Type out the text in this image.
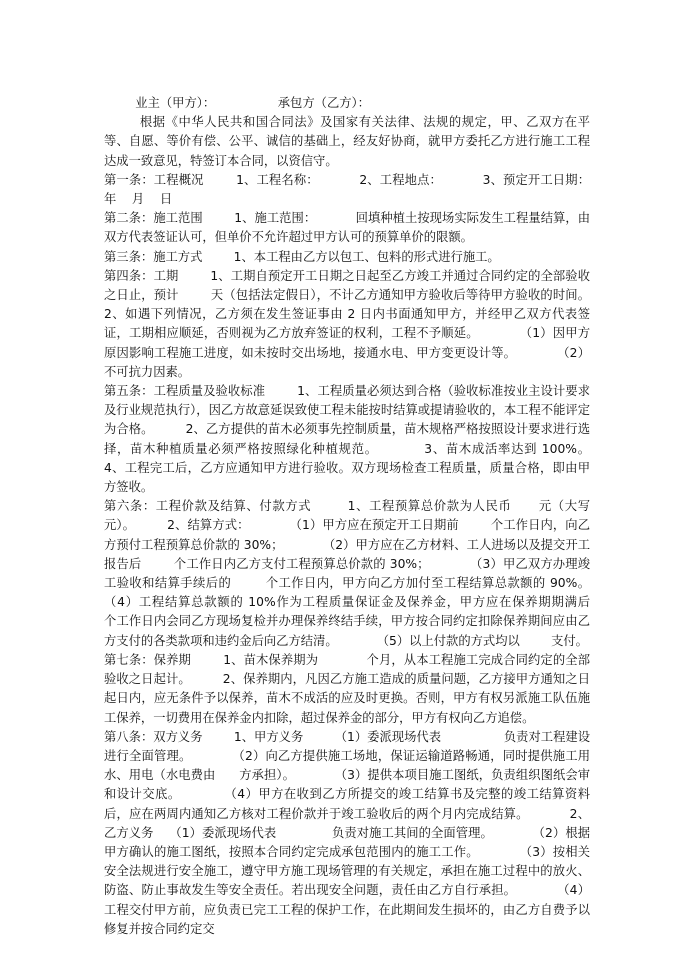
业主（甲方）：                承包方（乙方）：

根据《中华人民共和国合同法》及国家有关法律、法规的规定，甲、乙双方在平等、自愿、等价有偿、公平、诚信的基础上，经友好协商，就甲方委托乙方进行施工工程达成一致意见，特签订本合同，以资信守。

第一条：工程概况        1、工程名称：          2、工程地点：          3、预定开工日期：     年    月    日

第二条：施工范围        1、施工范围：          回填种植土按现场实际发生工程量结算，由双方代表签证认可，但单价不允许超过甲方认可的预算单价的限额。

第三条：施工方式        1、本工程由乙方以包工、包料的形式进行施工。

第四条：工期        1、工期自预定开工日期之日起至乙方竣工并通过合同约定的全部验收之日止，预计        天（包括法定假日），不计乙方通知甲方验收后等待甲方验收的时间。        2、如遇下列情况，乙方须在发生签证事由 2 日内书面通知甲方，并经甲乙双方代表签证，工期相应顺延，否则视为乙方放弃签证的权利，工程不予顺延。          （1）因甲方原因影响工程施工进度，如未按时交出场地，接通水电、甲方变更设计等。          （2）不可抗力因素。

第五条：工程质量及验收标准        1、工程质量必须达到合格（验收标准按业主设计要求及行业规范执行），因乙方故意延误致使工程未能按时结算或提请验收的，本工程不能评定为合格。        2、乙方提供的苗木必须事先控制质量，苗木规格严格按照设计要求进行选择，苗木种植质量必须严格按照绿化种植规范。          3、苗木成活率达到 100%。        4、工程完工后，乙方应通知甲方进行验收。双方现场检查工程质量，质量合格，即由甲方签收。

第六条：工程价款及结算、付款方式        1、工程预算总价款为人民币      元（大写        元）。        2、结算方式：          （1）甲方应在预定开工日期前        个工作日内，向乙方预付工程预算总价款的 30%；          （2）甲方应在乙方材料、工人进场以及提交开工报告后        个工作日内乙方支付工程预算总价款的 30%；          （3）甲乙双方办理竣工验收和结算手续后的        个工作日内，甲方向乙方加付至工程结算总款额的 90%。    （4）工程结算总款额的 10%作为工程质量保证金及保养金，甲方应在保养期期满后        个工作日内会同乙方现场复检并办理保养终结手续，甲方按合同约定扣除保养期间应由乙方支付的各类款项和违约金后向乙方结清。          （5）以上付款的方式均以        支付。

第七条：保养期        1、苗木保养期为            个月，从本工程施工完成合同约定的全部验收之日起计。        2、保养期内，凡因乙方施工造成的质量问题，乙方接甲方通知之日起日内，应无条件予以保养，苗木不成活的应及时更换。否则，甲方有权另派施工队伍施工保养，一切费用在保养金内扣除，超过保养金的部分，甲方有权向乙方追偿。

第八条：双方义务        1、甲方义务        （1）委派现场代表                负责对工程建设进行全面管理。          （2）向乙方提供施工场地，保证运输道路畅通，同时提供施工用水、用电（水电费由      方承担）。          （3）提供本项目施工图纸，负责组织图纸会审和设计交底。          （4）甲方在收到乙方所提交的竣工结算书及完整的竣工结算资料后，应在两周内通知乙方核对工程价款并于竣工验收后的两个月内完成结算。          2、乙方义务    （1）委派现场代表              负责对施工其间的全面管理。          （2）根据甲方确认的施工图纸，按照本合同约定完成承包范围内的施工工作。          （3）按相关安全法规进行安全施工，遵守甲方施工现场管理的有关规定，承担在施工过程中的放火、防盗、防止事故发生等安全责任。若出现安全问题，责任由乙方自行承担。          （4）工程交付甲方前，应负责已完工工程的保护工作，在此期间发生损坏的，由乙方自费予以修复并按合同约定交
